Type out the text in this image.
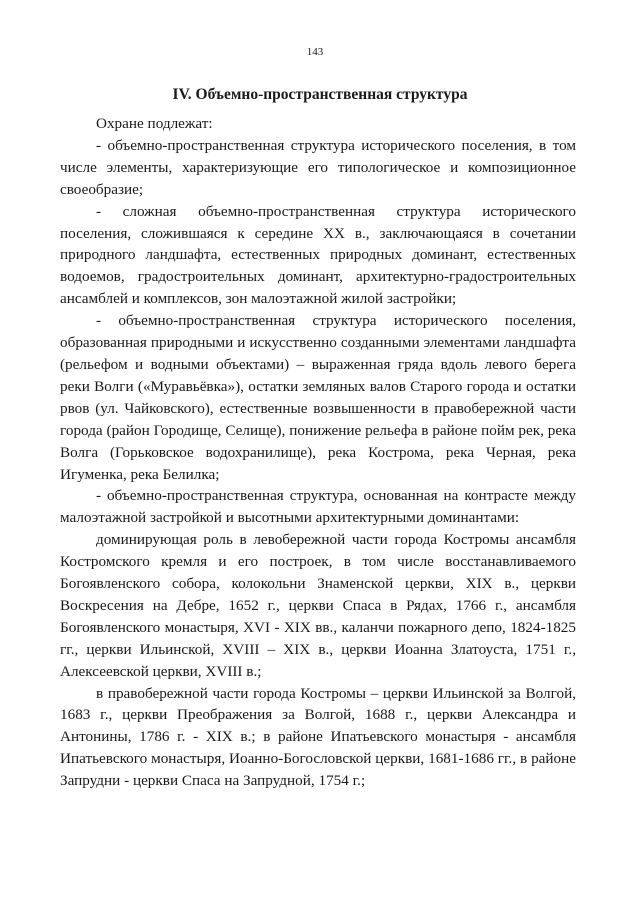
143
IV. Объемно-пространственная структура

Охране подлежат:

- объемно-пространственная структура исторического поселения, в том числе элементы, характеризующие его типологическое и композиционное своеобразие;

- сложная объемно-пространственная структура исторического поселения, сложившаяся к середине XX в., заключающаяся в сочетании природного ландшафта, естественных природных доминант, естественных водоемов, градостроительных доминант, архитектурно-градостроительных ансамблей и комплексов, зон малоэтажной жилой застройки;

- объемно-пространственная структура исторического поселения, образованная природными и искусственно созданными элементами ландшафта (рельефом и водными объектами) – выраженная гряда вдоль левого берега реки Волги («Муравьёвка»), остатки земляных валов Старого города и остатки рвов (ул. Чайковского), естественные возвышенности в правобережной части города (район Городище, Селище), понижение рельефа в районе пойм рек, река Волга (Горьковское водохранилище), река Кострома, река Черная, река Игуменка, река Белилка;

- объемно-пространственная структура, основанная на контрасте между малоэтажной застройкой и высотными архитектурными доминантами:

доминирующая роль в левобережной части города Костромы ансамбля Костромского кремля и его построек, в том числе восстанавливаемого Богоявленского собора, колокольни Знаменской церкви, XIX в., церкви Воскресения на Дебре, 1652 г., церкви Спаса в Рядах, 1766 г., ансамбля Богоявленского монастыря, XVI - XIX вв., каланчи пожарного депо, 1824-1825 гг., церкви Ильинской, XVIII – XIX в., церкви Иоанна Златоуста, 1751 г., Алексеевской церкви, XVIII в.;

в правобережной части города Костромы – церкви Ильинской за Волгой, 1683 г., церкви Преображения за Волгой, 1688 г., церкви Александра и Антонины, 1786 г. - XIX в.; в районе Ипатьевского монастыря - ансамбля Ипатьевского монастыря, Иоанно-Богословской церкви, 1681-1686 гг., в районе Запрудни - церкви Спаса на Запрудной, 1754 г.;
